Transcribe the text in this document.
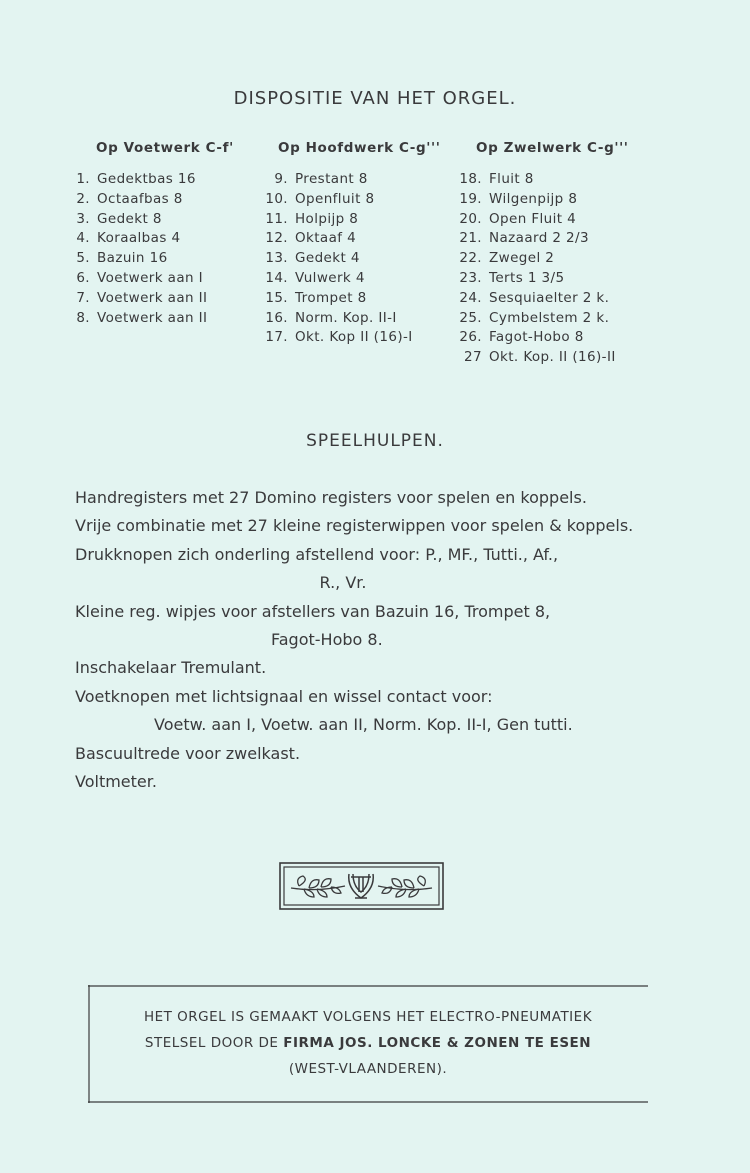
DISPOSITIE VAN HET ORGEL.
Op Voetwerk C-f'
1. Gedektbas 16
2. Octaafbas 8
3. Gedekt 8
4. Koraalbas 4
5. Bazuin 16
6. Voetwerk aan I
7. Voetwerk aan II
8. Voetwerk aan II
Op Hoofdwerk C-g'''
9. Prestant 8
10. Openfluit 8
11. Holpijp 8
12. Oktaaf 4
13. Gedekt 4
14. Vulwerk 4
15. Trompet 8
16. Norm. Kop. II-I
17. Okt. Kop II (16)-I
Op Zwelwerk C-g'''
18. Fluit 8
19. Wilgenpijp 8
20. Open Fluit 4
21. Nazaard 2 2/3
22. Zwegel 2
23. Terts 1 3/5
24. Sesquiaelter 2 k.
25. Cymbelstem 2 k.
26. Fagot-Hobo 8
27 Okt. Kop. II (16)-II
SPEELHULPEN.
Handregisters met 27 Domino registers voor spelen en koppels.
Vrije combinatie met 27 kleine registerwippen voor spelen & koppels.
Drukknopen zich onderling afstellend voor: P., MF., Tutti., Af.,
R., Vr.
Kleine reg. wipjes voor afstellers van Bazuin 16, Trompet 8,
Fagot-Hobo 8.
Inschakelaar Tremulant.
Voetknopen met lichtsignaal en wissel contact voor:
Voetw. aan I, Voetw. aan II, Norm. Kop. II-I, Gen tutti.
Bascuultrede voor zwelkast.
Voltmeter.
HET ORGEL IS GEMAAKT VOLGENS HET ELECTRO-PNEUMATIEK
STELSEL DOOR DE FIRMA JOS. LONCKE & ZONEN TE ESEN
(WEST-VLAANDEREN).
